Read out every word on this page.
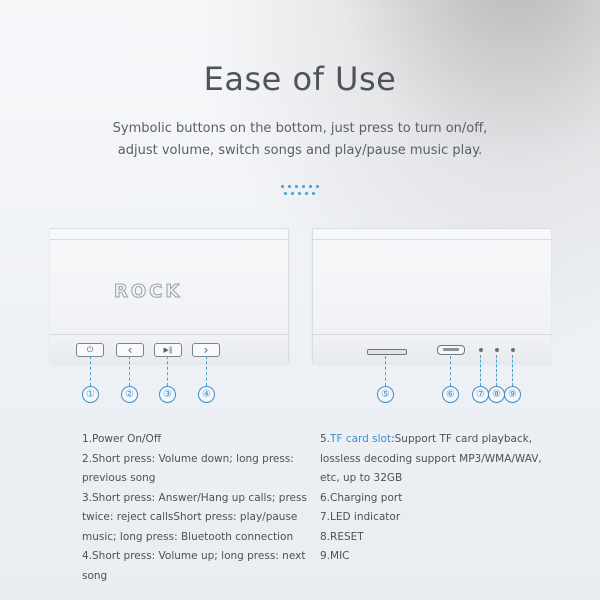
Ease of Use
Symbolic buttons on the bottom, just press to turn on/off,
adjust volume, switch songs and play/pause music play.
ROCK
⏻	‹	▶‖	›
①	②	③	④	⑤	⑥	⑦ ⑧ ⑨

1.Power On/Off

2.Short press: Volume down; long press:

previous song

3.Short press: Answer/Hang up calls; press

twice: reject callsShort press: play/pause

music; long press: Bluetooth connection

4.Short press: Volume up; long press: next song

5.TF card slot:Support TF card playback,

lossless decoding support MP3/WMA/WAV,

etc, up to 32GB

6.Charging port

7.LED indicator

8.RESET

9.MIC
